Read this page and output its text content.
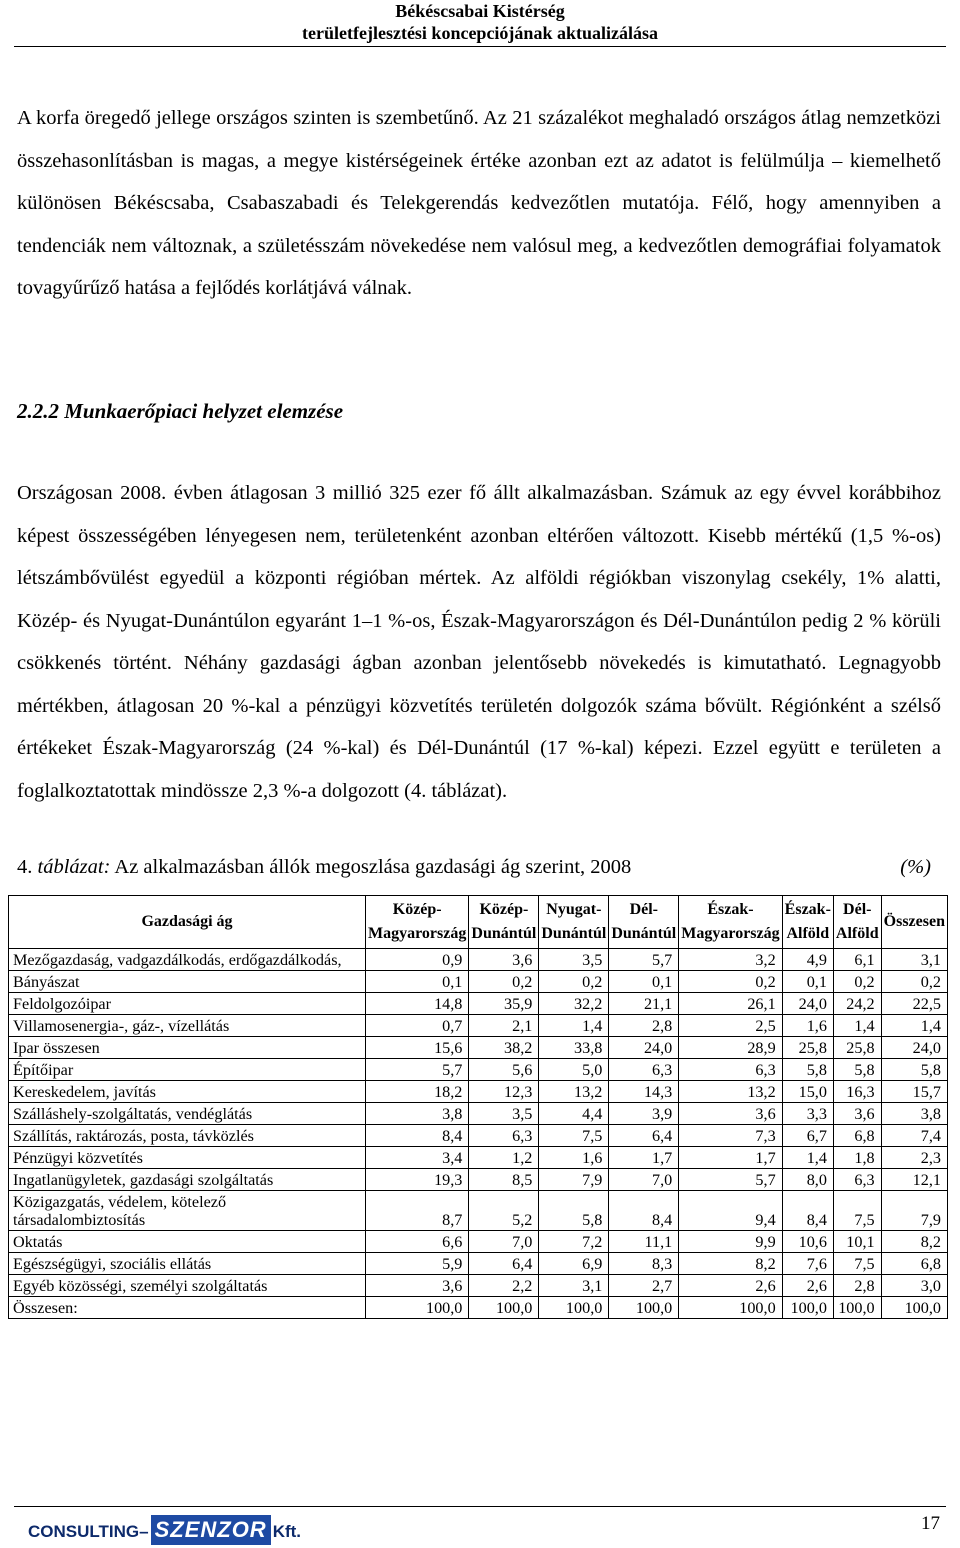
Békéscsabai Kistérség
területfejlesztési koncepciójának aktualizálása
A korfa öregedő jellege országos szinten is szembetűnő. Az 21 százalékot meghaladó országos átlag nemzetközi összehasonlításban is magas, a megye kistérségeinek értéke azonban ezt az adatot is felülmúlja – kiemelhető különösen Békéscsaba, Csabaszabadi és Telekgerendás kedvezőtlen mutatója. Félő, hogy amennyiben a tendenciák nem változnak, a születésszám növekedése nem valósul meg, a kedvezőtlen demográfiai folyamatok tovagyűrűző hatása a fejlődés korlátjává válnak.
2.2.2 Munkaerőpiaci helyzet elemzése
Országosan 2008. évben átlagosan 3 millió 325 ezer fő állt alkalmazásban. Számuk az egy évvel korábbihoz képest összességében lényegesen nem, területenként azonban eltérően változott. Kisebb mértékű (1,5 %-os) létszámbővülést egyedül a központi régióban mértek. Az alföldi régiókban viszonylag csekély, 1% alatti, Közép- és Nyugat-Dunántúlon egyaránt 1–1 %-os, Észak-Magyarországon és Dél-Dunántúlon pedig 2 % körüli csökkenés történt. Néhány gazdasági ágban azonban jelentősebb növekedés is kimutatható. Legnagyobb mértékben, átlagosan 20 %-kal a pénzügyi közvetítés területén dolgozók száma bővült. Régiónként a szélső értékeket Észak-Magyarország (24 %-kal) és Dél-Dunántúl (17 %-kal) képezi. Ezzel együtt e területen a foglalkoztatottak mindössze 2,3 %-a dolgozott (4. táblázat).
4. táblázat: Az alkalmazásban állók megoszlása gazdasági ág szerint, 2008	(%)
Gazdasági ág	Közép-Magyarország	Közép-Dunántúl	Nyugat-Dunántúl	Dél-Dunántúl	Észak-Magyarország	Észak-Alföld	Dél-Alföld	Összesen
Mezőgazdaság, vadgazdálkodás, erdőgazdálkodás,	0,9	3,6	3,5	5,7	3,2	4,9	6,1	3,1
Bányászat	0,1	0,2	0,2	0,1	0,2	0,1	0,2	0,2
Feldolgozóipar	14,8	35,9	32,2	21,1	26,1	24,0	24,2	22,5
Villamosenergia-, gáz-, vízellátás	0,7	2,1	1,4	2,8	2,5	1,6	1,4	1,4
Ipar összesen	15,6	38,2	33,8	24,0	28,9	25,8	25,8	24,0
Építőipar	5,7	5,6	5,0	6,3	6,3	5,8	5,8	5,8
Kereskedelem, javítás	18,2	12,3	13,2	14,3	13,2	15,0	16,3	15,7
Szálláshely-szolgáltatás, vendéglátás	3,8	3,5	4,4	3,9	3,6	3,3	3,6	3,8
Szállítás, raktározás, posta, távközlés	8,4	6,3	7,5	6,4	7,3	6,7	6,8	7,4
Pénzügyi közvetítés	3,4	1,2	1,6	1,7	1,7	1,4	1,8	2,3
Ingatlanügyletek, gazdasági szolgáltatás	19,3	8,5	7,9	7,0	5,7	8,0	6,3	12,1
Közigazgatás, védelem, kötelező társadalombiztosítás	8,7	5,2	5,8	8,4	9,4	8,4	7,5	7,9
Oktatás	6,6	7,0	7,2	11,1	9,9	10,6	10,1	8,2
Egészségügyi, szociális ellátás	5,9	6,4	6,9	8,3	8,2	7,6	7,5	6,8
Egyéb közösségi, személyi szolgáltatás	3,6	2,2	3,1	2,7	2,6	2,6	2,8	3,0
Összesen:	100,0	100,0	100,0	100,0	100,0	100,0	100,0	100,0
CONSULTING– SZENZOR Kft.	17
